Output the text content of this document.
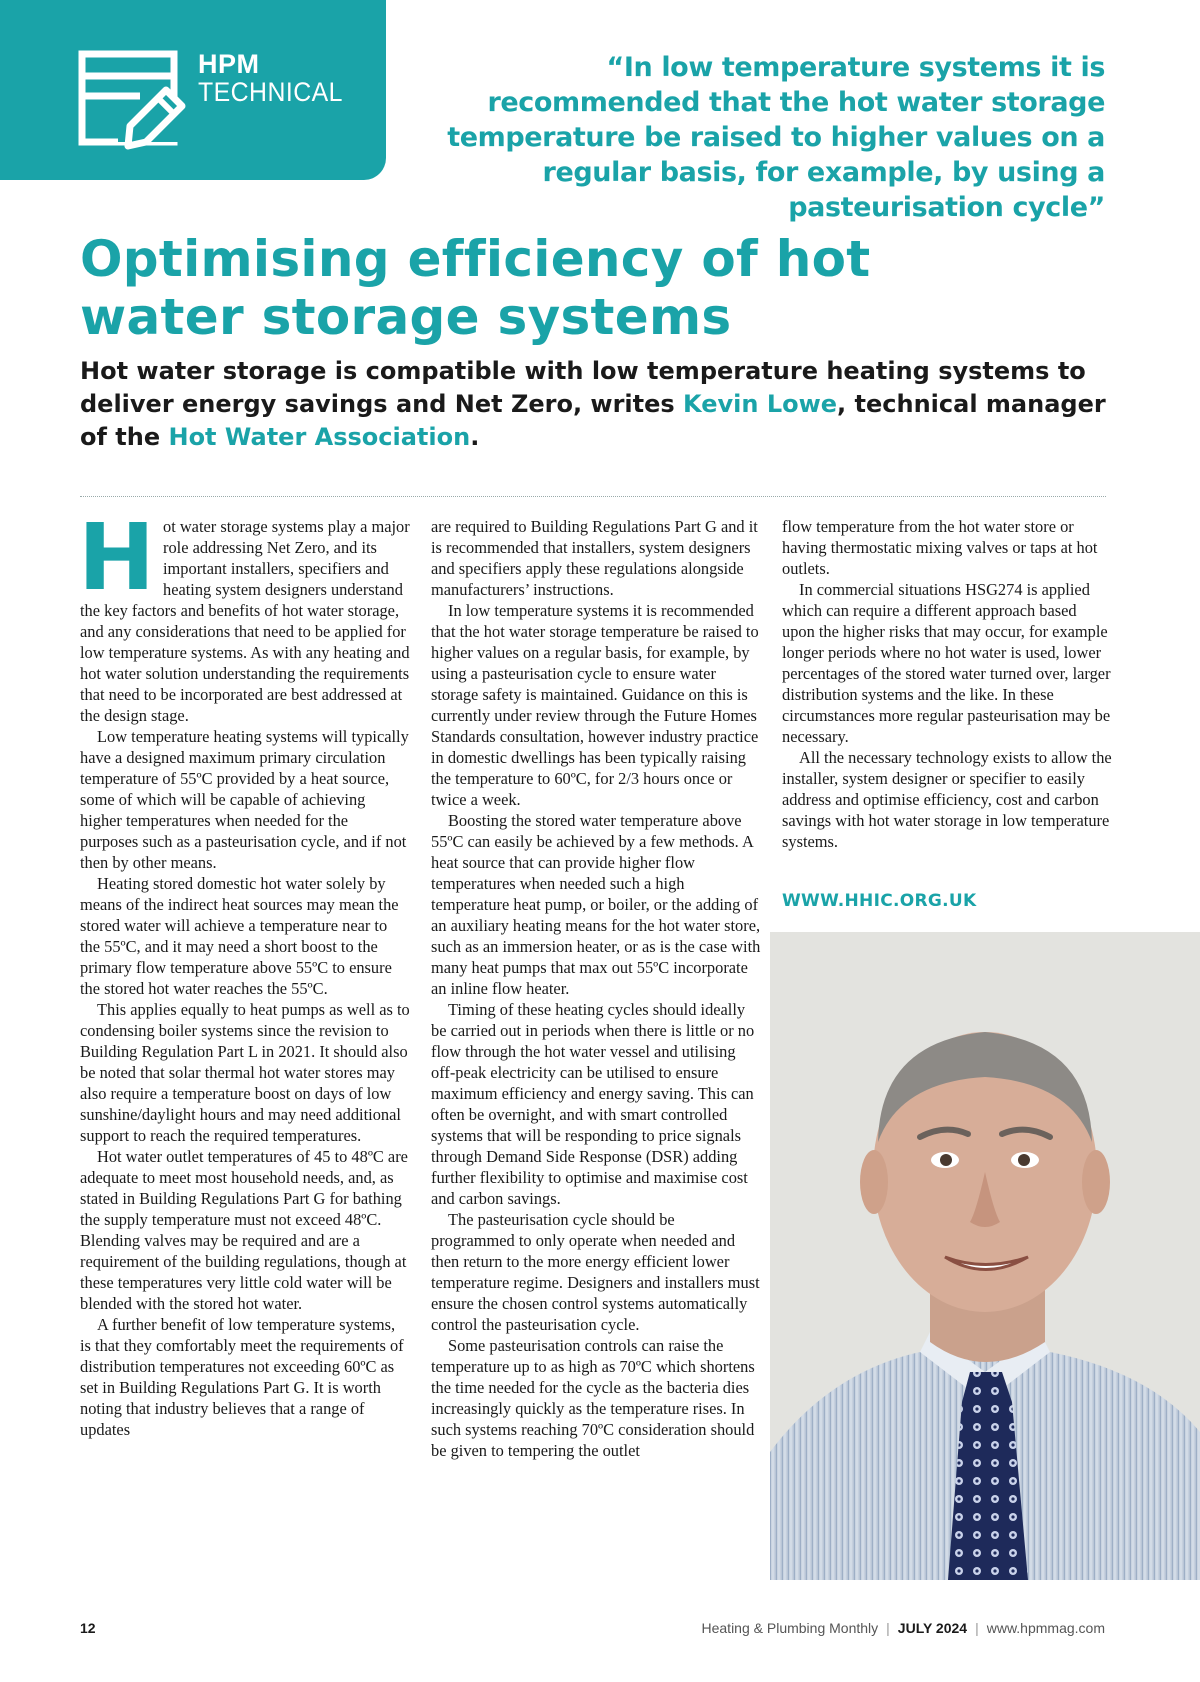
HPM
TECHNICAL
“In low temperature systems it is recommended that the hot water storage temperature be raised to higher values on a regular basis, for example, by using a pasteurisation cycle”
Optimising efficiency of hot
water storage systems

Hot water storage is compatible with low temperature heating systems to deliver energy savings and Net Zero, writes Kevin Lowe, technical manager of the Hot Water Association.

Hot water storage systems play a major role addressing Net Zero, and its important installers, specifiers and heating system designers understand the key factors and benefits of hot water storage, and any considerations that need to be applied for low temperature systems. As with any heating and hot water solution understanding the requirements that need to be incorporated are best addressed at the design stage.

Low temperature heating systems will typically have a designed maximum primary circulation temperature of 55ºC provided by a heat source, some of which will be capable of achieving higher temperatures when needed for the purposes such as a pasteurisation cycle, and if not then by other means.

Heating stored domestic hot water solely by means of the indirect heat sources may mean the stored water will achieve a temperature near to the 55ºC, and it may need a short boost to the primary flow temperature above 55ºC to ensure the stored hot water reaches the 55ºC.

This applies equally to heat pumps as well as to condensing boiler systems since the revision to Building Regulation Part L in 2021. It should also be noted that solar thermal hot water stores may also require a temperature boost on days of low sunshine/daylight hours and may need additional support to reach the required temperatures.

Hot water outlet temperatures of 45 to 48ºC are adequate to meet most household needs, and, as stated in Building Regulations Part G for bathing the supply temperature must not exceed 48ºC. Blending valves may be required and are a requirement of the building regulations, though at these temperatures very little cold water will be blended with the stored hot water.

A further benefit of low temperature systems, is that they comfortably meet the requirements of distribution temperatures not exceeding 60ºC as set in Building Regulations Part G. It is worth noting that industry believes that a range of updates

are required to Building Regulations Part G and it is recommended that installers, system designers and specifiers apply these regulations alongside manufacturers’ instructions.

In low temperature systems it is recommended that the hot water storage temperature be raised to higher values on a regular basis, for example, by using a pasteurisation cycle to ensure water storage safety is maintained. Guidance on this is currently under review through the Future Homes Standards consultation, however industry practice in domestic dwellings has been typically raising the temperature to 60ºC, for 2/3 hours once or twice a week.

Boosting the stored water temperature above 55ºC can easily be achieved by a few methods. A heat source that can provide higher flow temperatures when needed such a high temperature heat pump, or boiler, or the adding of an auxiliary heating means for the hot water store, such as an immersion heater, or as is the case with many heat pumps that max out 55ºC incorporate an inline flow heater.

Timing of these heating cycles should ideally be carried out in periods when there is little or no flow through the hot water vessel and utilising off-peak electricity can be utilised to ensure maximum efficiency and energy saving. This can often be overnight, and with smart controlled systems that will be responding to price signals through Demand Side Response (DSR) adding further flexibility to optimise and maximise cost and carbon savings.

The pasteurisation cycle should be programmed to only operate when needed and then return to the more energy efficient lower temperature regime. Designers and installers must ensure the chosen control systems automatically control the pasteurisation cycle.

Some pasteurisation controls can raise the temperature up to as high as 70ºC which shortens the time needed for the cycle as the bacteria dies increasingly quickly as the temperature rises. In such systems reaching 70ºC consideration should be given to tempering the outlet

flow temperature from the hot water store or having thermostatic mixing valves or taps at hot outlets.

In commercial situations HSG274 is applied which can require a different approach based upon the higher risks that may occur, for example longer periods where no hot water is used, lower percentages of the stored water turned over, larger distribution systems and the like. In these circumstances more regular pasteurisation may be necessary.

All the necessary technology exists to allow the installer, system designer or specifier to easily address and optimise efficiency, cost and carbon savings with hot water storage in low temperature systems.

WWW.HHIC.ORG.UK
12	Heating & Plumbing Monthly | JULY 2024 | www.hpmmag.com
